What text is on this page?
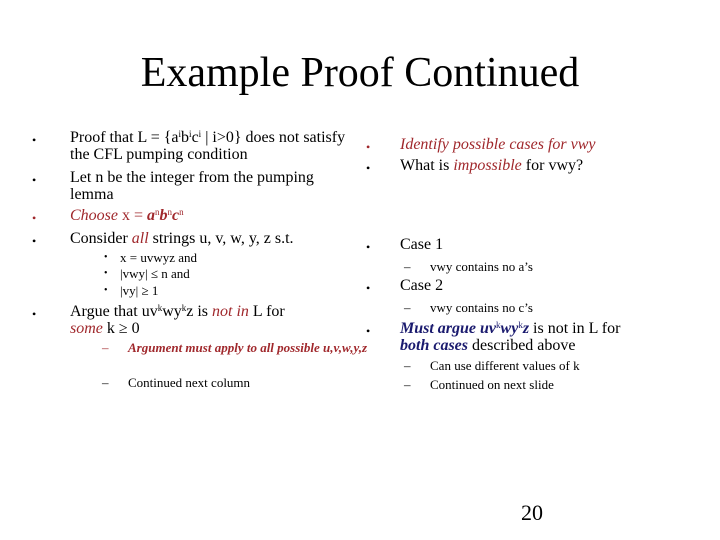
Example Proof Continued
• Proof that $L = \{a^ib^ic^i$ | i>0} does not satisfy the CFL pumping condition
• Let n be the integer from the pumping lemma
• Choose $x = a^nb^nc^n$
• Consider all strings u, v, w, y, z s.t.
• x = uvwyz and
• |vwy| ≤ n and
• |vy| ≥ 1
• Argue that $uv^kwy^kz$ is not in L for
some k ≥ 0
– Argument must apply to all possible u,v,w,y,z
– Continued next column
• Identify possible cases for vwy
• What is impossible for vwy?
• Case 1
– vwy contains no a’s
• Case 2
– vwy contains no c’s
• Must argue $uv^kwy^kz$ is not in L for
both cases described above
– Can use different values of k
– Continued on next slide
20
